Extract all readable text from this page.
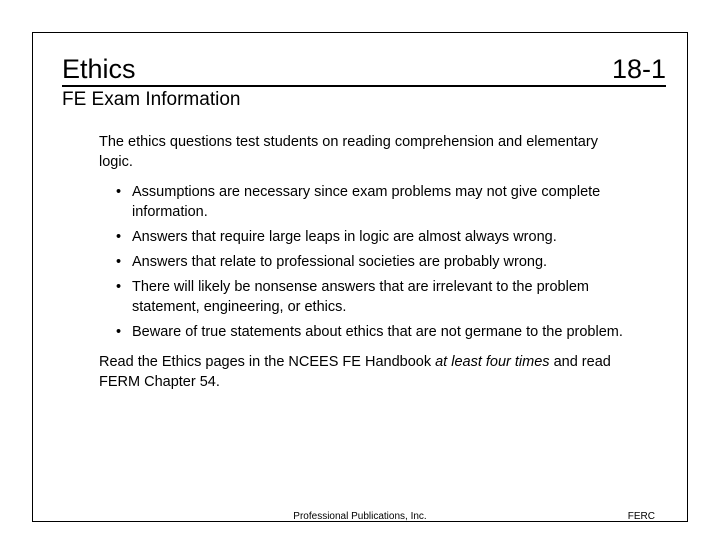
Ethics	18-1
FE Exam Information

The ethics questions test students on reading comprehension and elementary logic.

• Assumptions are necessary since exam problems may not give complete information.
• Answers that require large leaps in logic are almost always wrong.
• Answers that relate to professional societies are probably wrong.
• There will likely be nonsense answers that are irrelevant to the problem statement, engineering, or ethics.
• Beware of true statements about ethics that are not germane to the problem.

Read the Ethics pages in the NCEES FE Handbook at least four times and read FERM Chapter 54.

Professional Publications, Inc.	FERC
